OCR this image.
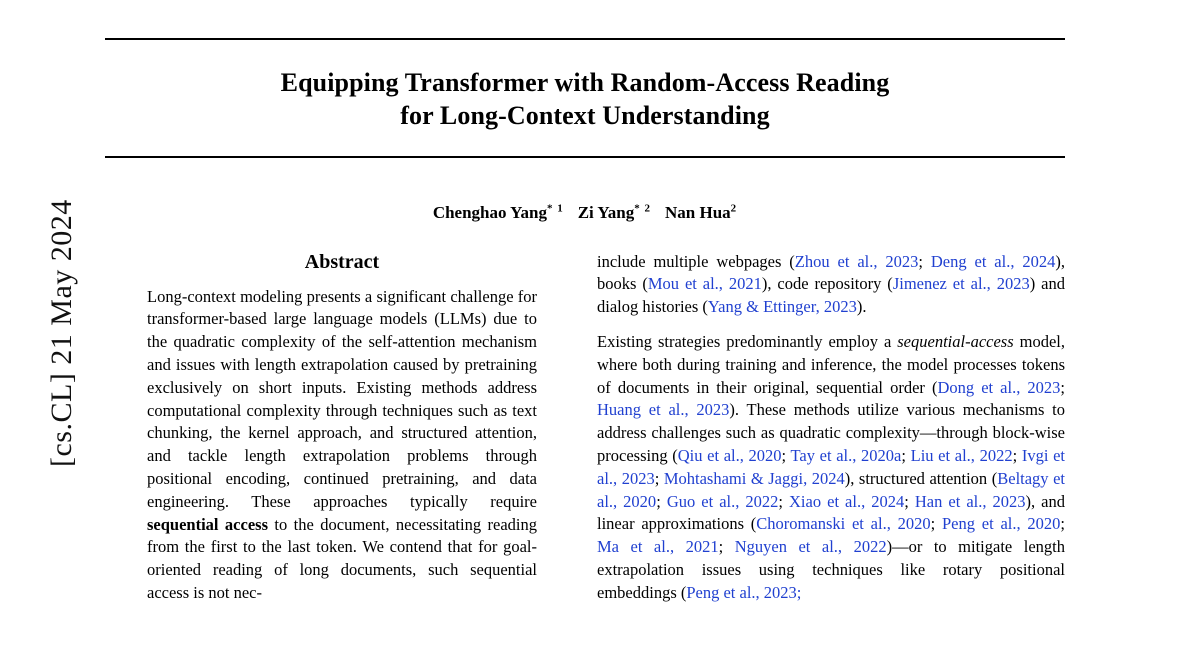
[cs.CL] 21 May 2024
Equipping Transformer with Random-Access Reading
for Long-Context Understanding
Chenghao Yang$^{* 1}$ Zi Yang$^{* 2}$ Nan Hua$^2$
Abstract

Long-context modeling presents a significant challenge for transformer-based large language models (LLMs) due to the quadratic complexity of the self-attention mechanism and issues with length extrapolation caused by pretraining exclusively on short inputs. Existing methods address computational complexity through techniques such as text chunking, the kernel approach, and structured attention, and tackle length extrapolation problems through positional encoding, continued pretraining, and data engineering. These approaches typically require sequential access to the document, necessitating reading from the first to the last token. We contend that for goal-oriented reading of long documents, such sequential access is not nec-

include multiple webpages (Zhou et al., 2023; Deng et al., 2024), books (Mou et al., 2021), code repository (Jimenez et al., 2023) and dialog histories (Yang & Ettinger, 2023).

Existing strategies predominantly employ a sequential-access model, where both during training and inference, the model processes tokens of documents in their original, sequential order (Dong et al., 2023; Huang et al., 2023). These methods utilize various mechanisms to address challenges such as quadratic complexity—through block-wise processing (Qiu et al., 2020; Tay et al., 2020a; Liu et al., 2022; Ivgi et al., 2023; Mohtashami & Jaggi, 2024), structured attention (Beltagy et al., 2020; Guo et al., 2022; Xiao et al., 2024; Han et al., 2023), and linear approximations (Choromanski et al., 2020; Peng et al., 2020; Ma et al., 2021; Nguyen et al., 2022)—or to mitigate length extrapolation issues using techniques like rotary positional embeddings (Peng et al., 2023;
